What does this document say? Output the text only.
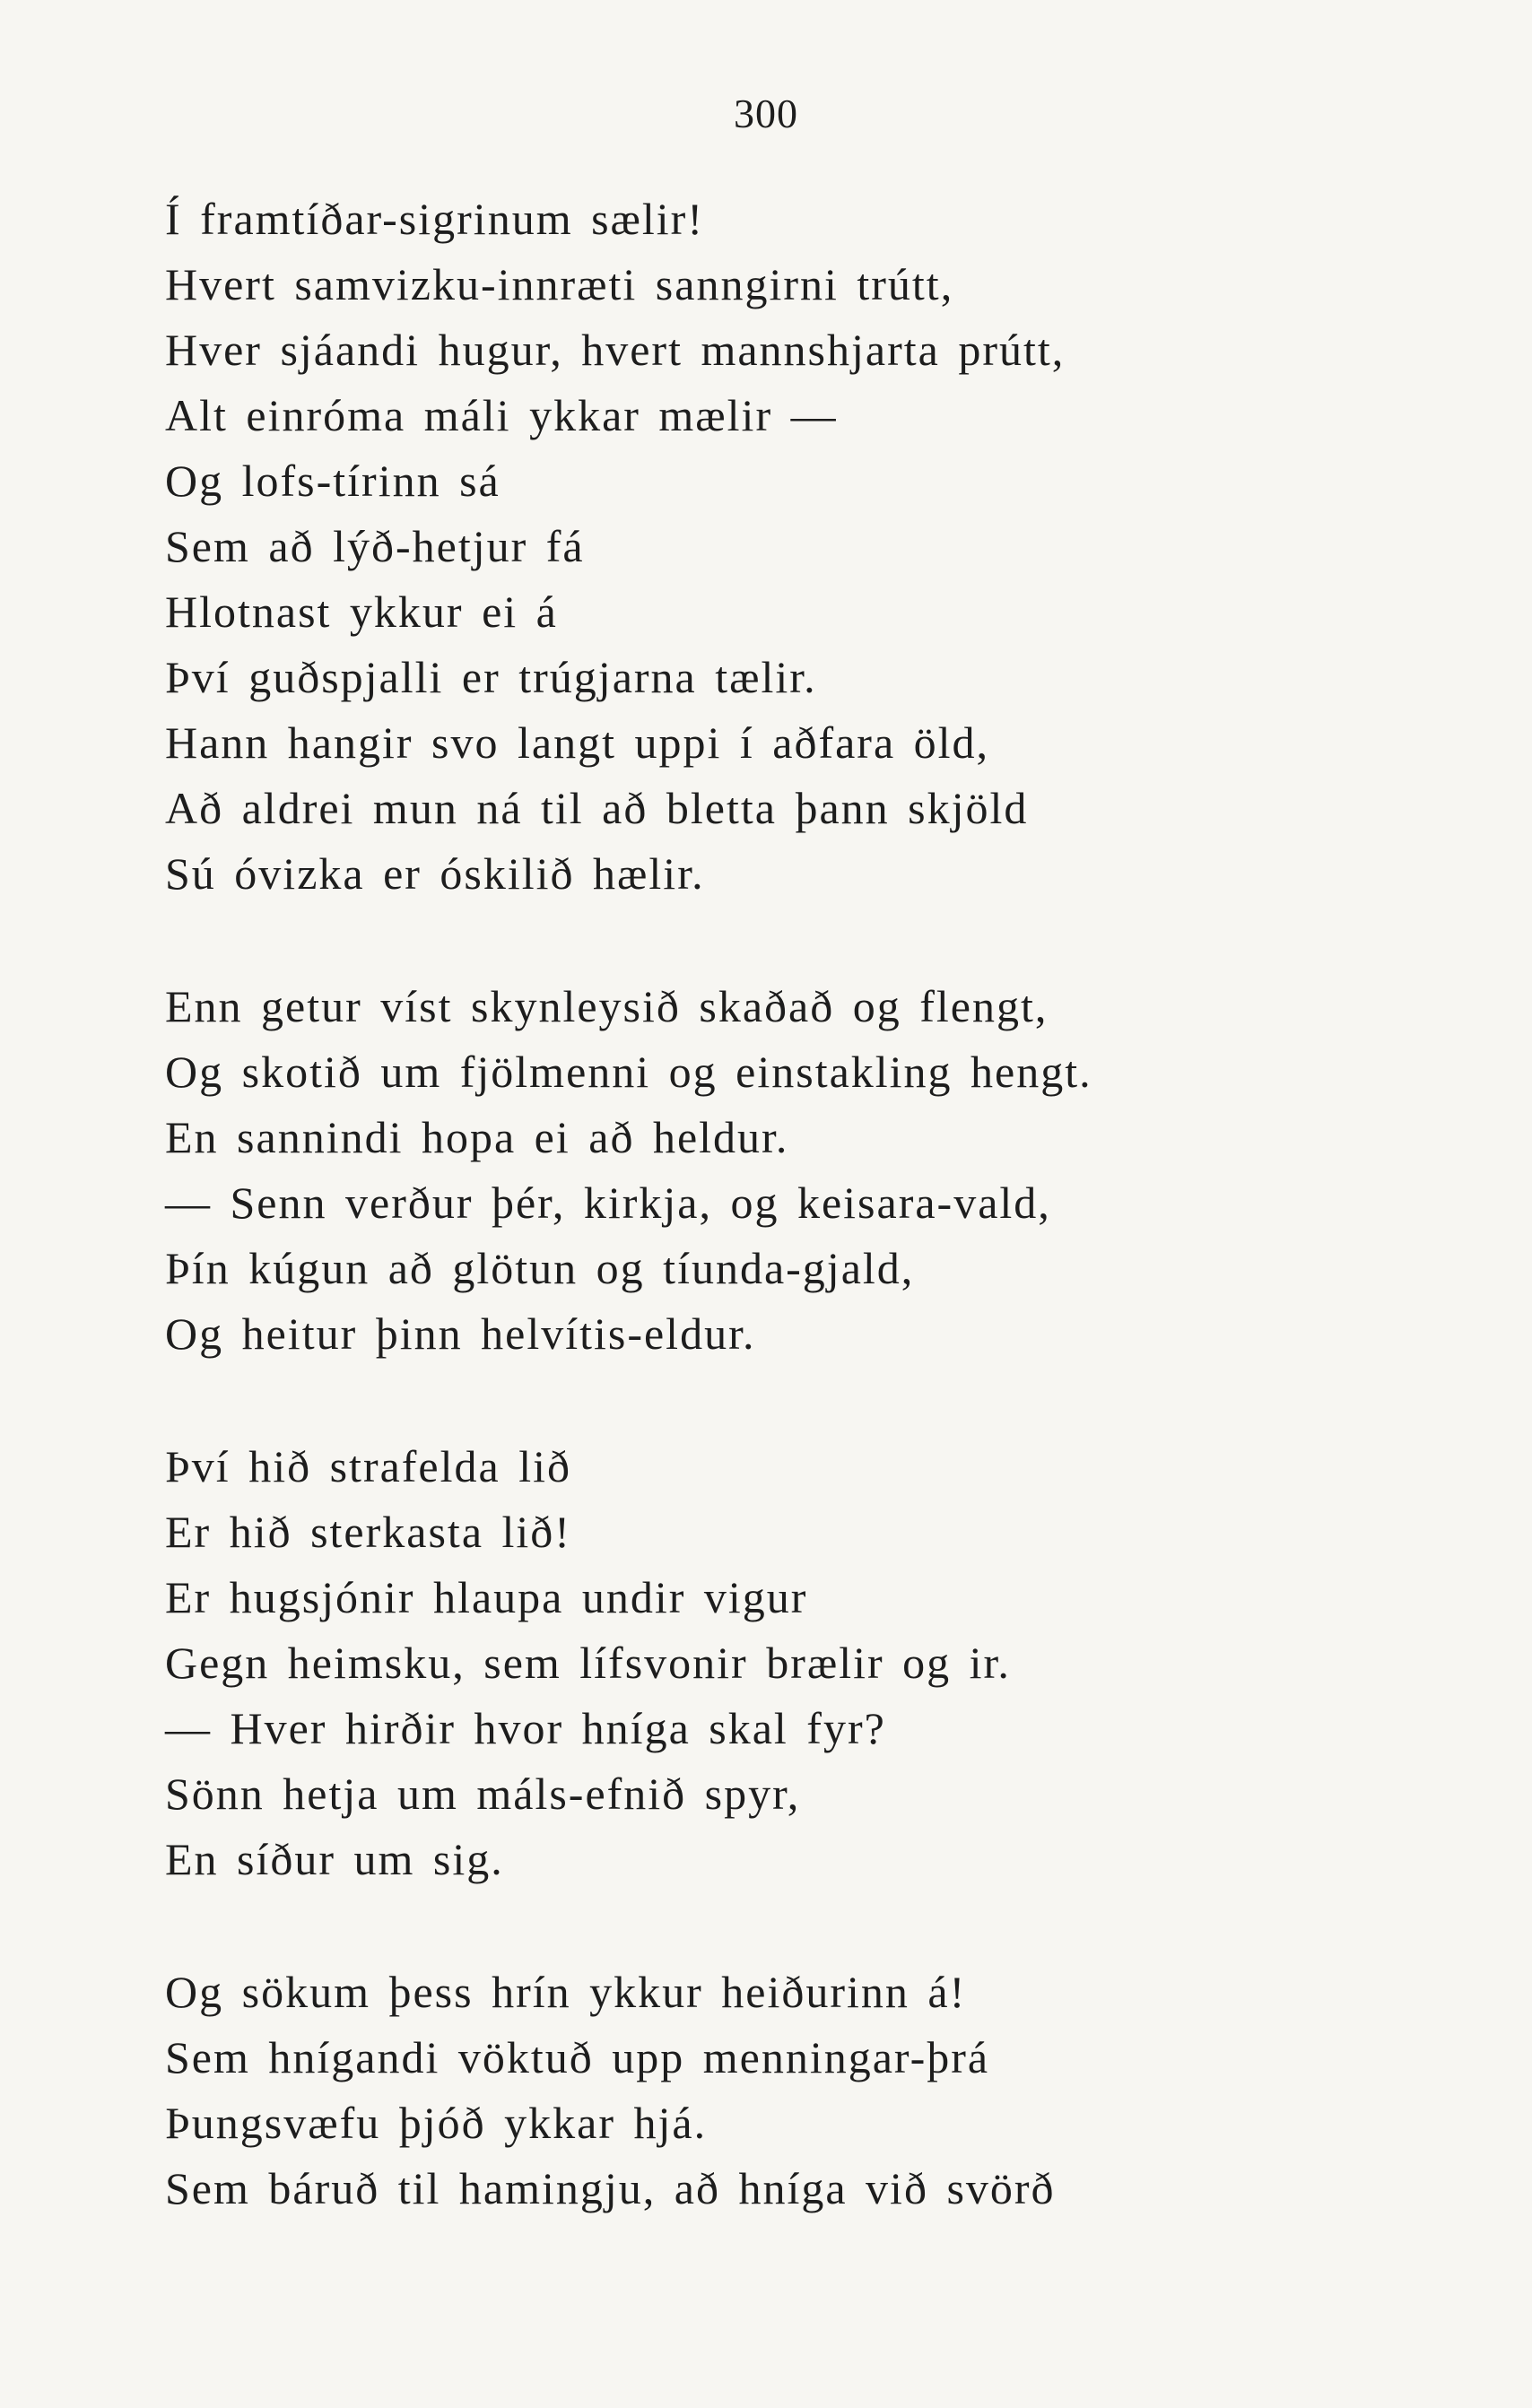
300
Í framtíðar-sigrinum sælir!
Hvert samvizku-innræti sanngirni trútt,
Hver sjáandi hugur, hvert mannshjarta prútt,
Alt einróma máli ykkar mælir —
Og lofs-tírinn sá
Sem að lýð-hetjur fá
Hlotnast ykkur ei á
Því guðspjalli er trúgjarna tælir.
Hann hangir svo langt uppi í aðfara öld,
Að aldrei mun ná til að bletta þann skjöld
Sú óvizka er óskilið hælir.
Enn getur víst skynleysið skaðað og flengt,
Og skotið um fjölmenni og einstakling hengt.
En sannindi hopa ei að heldur.
— Senn verður þér, kirkja, og keisara-vald,
Þín kúgun að glötun og tíunda-gjald,
Og heitur þinn helvítis-eldur.
Því hið strafelda lið
Er hið sterkasta lið!
Er hugsjónir hlaupa undir vigur
Gegn heimsku, sem lífsvonir brælir og ir.
— Hver hirðir hvor hníga skal fyr?
Sönn hetja um máls-efnið spyr,
En síður um sig.
Og sökum þess hrín ykkur heiðurinn á!
Sem hnígandi vöktuð upp menningar-þrá
Þungsvæfu þjóð ykkar hjá.
Sem báruð til hamingju, að hníga við svörð
